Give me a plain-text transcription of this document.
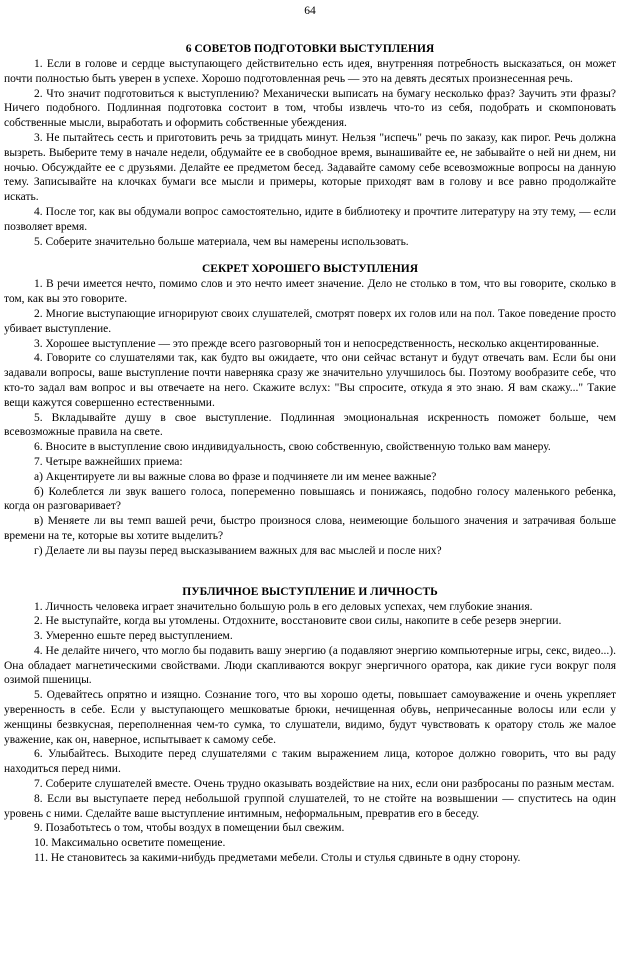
64
6 СОВЕТОВ ПОДГОТОВКИ ВЫСТУПЛЕНИЯ

1. Если в голове и сердце выступающего действительно есть идея, внутренняя потребность высказаться, он может почти полностью быть уверен в успехе. Хорошо подготовленная речь — это на девять десятых произнесенная речь.

2. Что значит подготовиться к выступлению? Механически выписать на бумагу несколько фраз? Заучить эти фразы? Ничего подобного. Подлинная подготовка состоит в том, чтобы извлечь что-то из себя, подобрать и скомпоновать собственные мысли, выработать и оформить собственные убеждения.

3. Не пытайтесь сесть и приготовить речь за тридцать минут. Нельзя "испечь" речь по заказу, как пирог. Речь должна вызреть. Выберите тему в начале недели, обдумайте ее в свободное время, вынашивайте ее, не забывайте о ней ни днем, ни ночью. Обсуждайте ее с друзьями. Делайте ее предметом бесед. Задавайте самому себе всевозможные вопросы на данную тему. Записывайте на клочках бумаги все мысли и примеры, которые приходят вам в голову и все равно продолжайте искать.

4. После тог, как вы обдумали вопрос самостоятельно, идите в библиотеку и прочтите литературу на эту тему, — если позволяет время.

5. Соберите значительно больше материала, чем вы намерены использовать.

СЕКРЕТ ХОРОШЕГО ВЫСТУПЛЕНИЯ

1. В речи имеется нечто, помимо слов и это нечто имеет значение. Дело не столько в том, что вы говорите, сколько в том, как вы это говорите.

2. Многие выступающие игнорируют своих слушателей, смотрят поверх их голов или на пол. Такое поведение просто убивает выступление.

3. Хорошее выступление — это прежде всего разговорный тон и непосредственность, несколько акцентированные.

4. Говорите со слушателями так, как будто вы ожидаете, что они сейчас встанут и будут отвечать вам. Если бы они задавали вопросы, ваше выступление почти наверняка сразу же значительно улучшилось бы. Поэтому вообразите себе, что кто-то задал вам вопрос и вы отвечаете на него. Скажите вслух: "Вы спросите, откуда я это знаю. Я вам скажу..." Такие вещи кажутся совершенно естественными.

5. Вкладывайте душу в свое выступление. Подлинная эмоциональная искренность поможет больше, чем всевозможные правила на свете.

6. Вносите в выступление свою индивидуальность, свою собственную, свойственную только вам манеру.

7. Четыре важнейших приема:

а) Акцентируете ли вы важные слова во фразе и подчиняете ли им менее важные?

б) Колеблется ли звук вашего голоса, попеременно повышаясь и понижаясь, подобно голосу маленького ребенка, когда он разговаривает?

в) Меняете ли вы темп вашей речи, быстро произнося слова, неимеющие большого значения и затрачивая больше времени на те, которые вы хотите выделить?

г) Делаете ли вы паузы перед высказыванием важных для вас мыслей и после них?

ПУБЛИЧНОЕ ВЫСТУПЛЕНИЕ И ЛИЧНОСТЬ

1. Личность человека играет значительно большую роль в его деловых успехах, чем глубокие знания.

2. Не выступайте, когда вы утомлены. Отдохните, восстановите свои силы, накопите в себе резерв энергии.

3. Умеренно ешьте перед выступлением.

4. Не делайте ничего, что могло бы подавить вашу энергию (а подавляют энергию компьютерные игры, секс, видео...). Она обладает магнетическими свойствами. Люди скапливаются вокруг энергичного оратора, как дикие гуси вокруг поля озимой пшеницы.

5. Одевайтесь опрятно и изящно. Сознание того, что вы хорошо одеты, повышает самоуважение и очень укрепляет уверенность в себе. Если у выступающего мешковатые брюки, нечищенная обувь, непричесанные волосы или если у женщины безвкусная, переполненная чем-то сумка, то слушатели, видимо, будут чувствовать к оратору столь же малое уважение, как он, наверное, испытывает к самому себе.

6. Улыбайтесь. Выходите перед слушателями с таким выражением лица, которое должно говорить, что вы раду находиться перед ними.

7. Соберите слушателей вместе. Очень трудно оказывать воздействие на них, если они разбросаны по разным местам.

8. Если вы выступаете перед небольшой группой слушателей, то не стойте на возвышении — спуститесь на один уровень с ними. Сделайте ваше выступление интимным, неформальным, превратив его в беседу.

9. Позаботьтесь о том, чтобы воздух в помещении был свежим.

10. Максимально осветите помещение.

11. Не становитесь за какими-нибудь предметами мебели. Столы и стулья сдвиньте в одну сторону.
